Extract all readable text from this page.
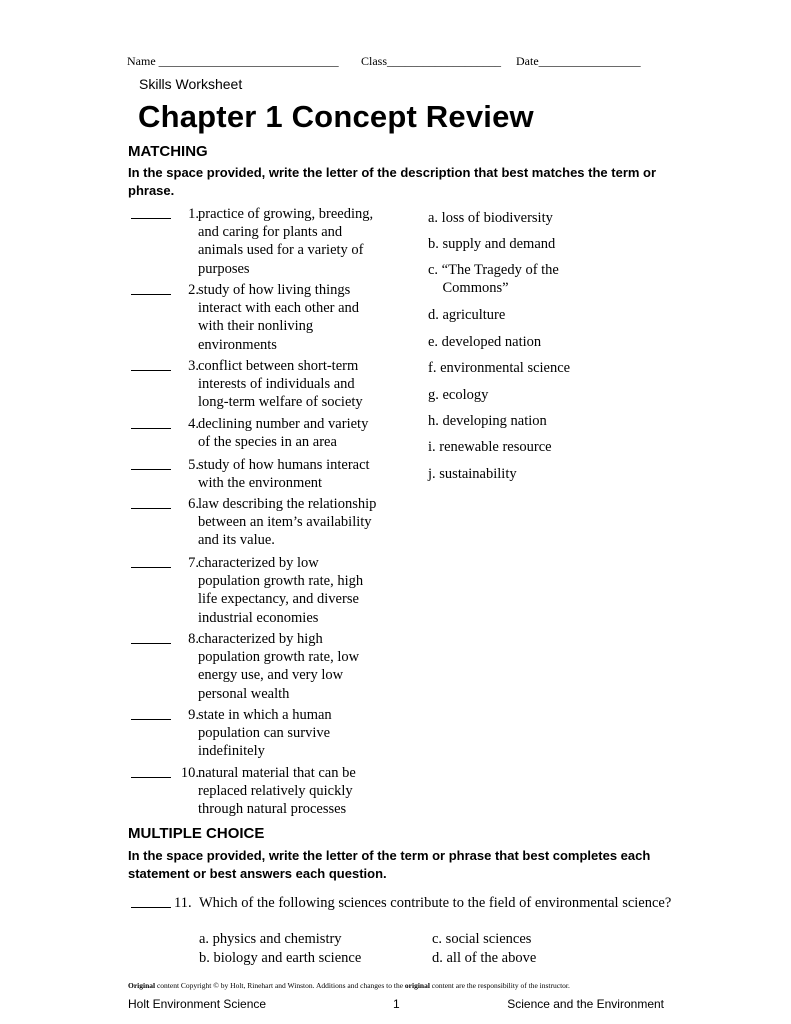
Name ______________________________ Class___________________ Date_________________
Skills Worksheet
Chapter 1 Concept Review
MATCHING
In the space provided, write the letter of the description that best matches the term or phrase.
1. practice of growing, breeding,
and caring for plants and
animals used for a variety of
purposes
2. study of how living things
interact with each other and
with their nonliving
environments
3. conflict between short-term
interests of individuals and
long-term welfare of society
4. declining number and variety
of the species in an area
5. study of how humans interact
with the environment
6. law describing the relationship
between an item’s availability
and its value.
7. characterized by low
population growth rate, high
life expectancy, and diverse
industrial economies
8. characterized by high
population growth rate, low
energy use, and very low
personal wealth
9. state in which a human
population can survive
indefinitely
10. natural material that can be
replaced relatively quickly
through natural processes
a. loss of biodiversity
b. supply and demand
c. “The Tragedy of the
Commons”
d. agriculture
e. developed nation
f. environmental science
g. ecology
h. developing nation
i. renewable resource
j. sustainability
MULTIPLE CHOICE
In the space provided, write the letter of the term or phrase that best completes each statement or best answers each question.
11. Which of the following sciences contribute to the field of environmental science?
a. physics and chemistry
b. biology and earth science
c. social sciences
d. all of the above
Original content Copyright © by Holt, Rinehart and Winston. Additions and changes to the original content are the responsibility of the instructor.
Holt Environment Science	1	Science and the Environment
